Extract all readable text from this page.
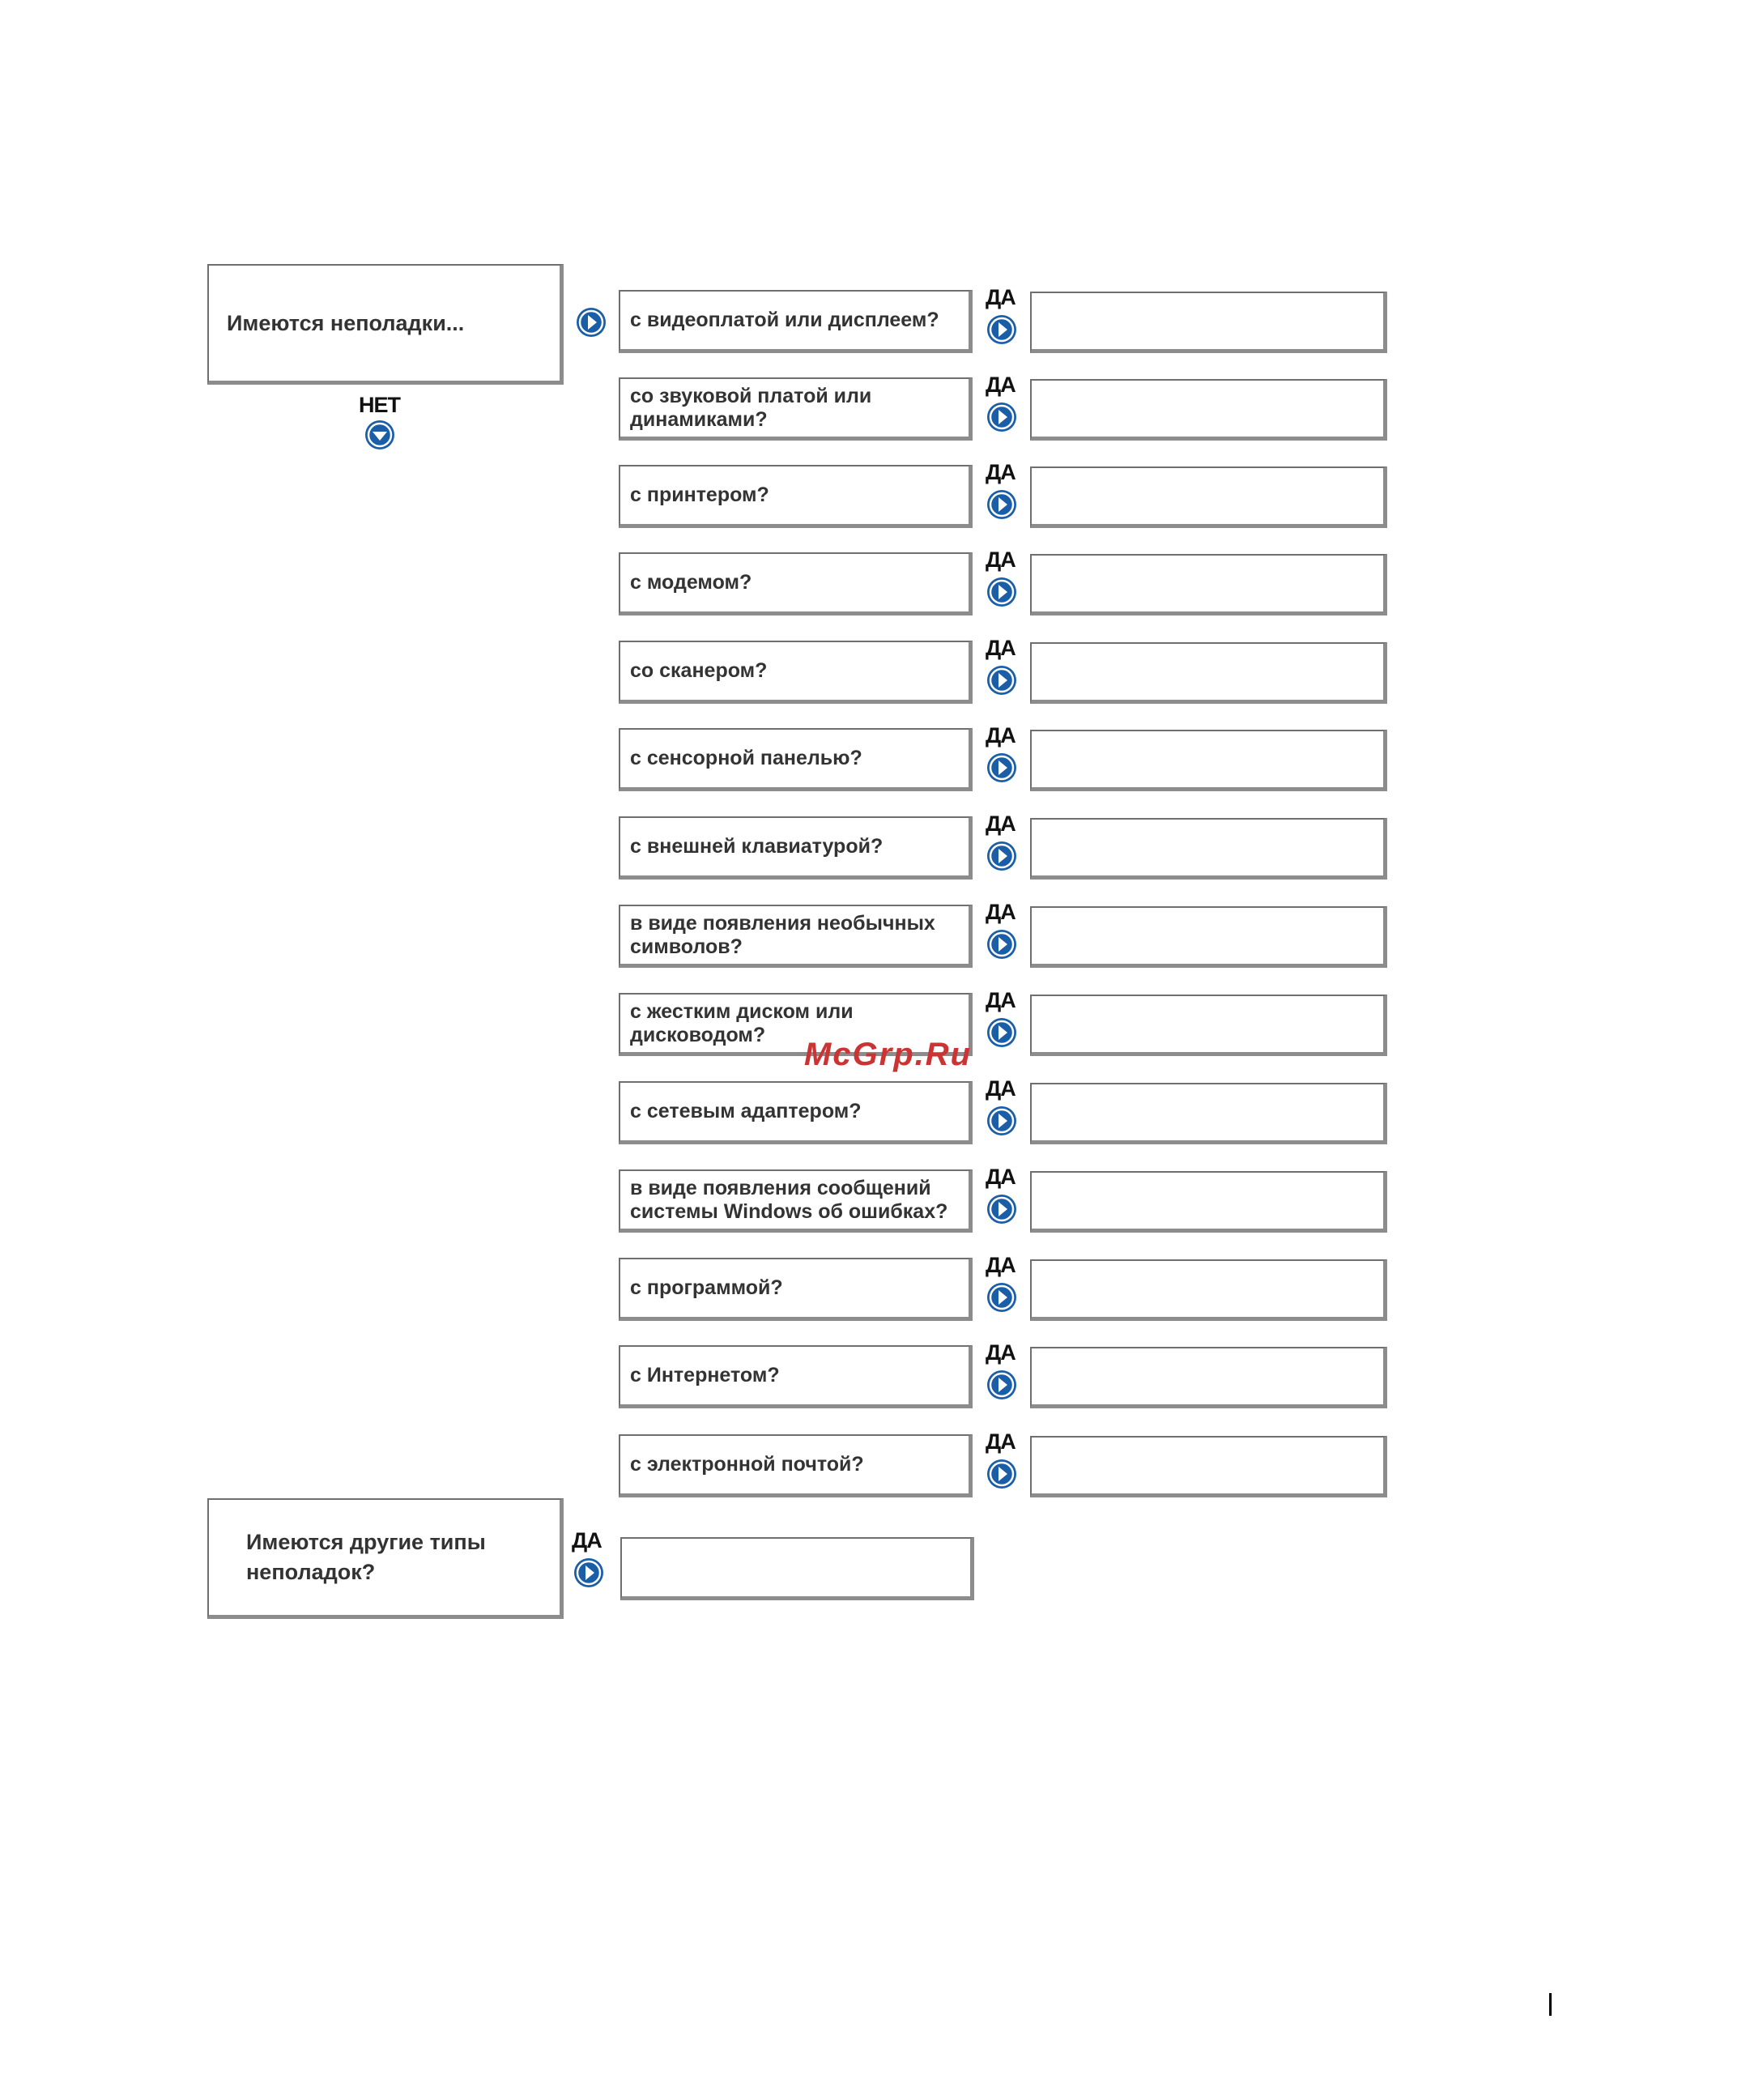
Имеются неполадки...
НЕТ
с видеоплатой или дисплеем?
ДА
со звуковой платой или динамиками?
ДА
с принтером?
ДА
с модемом?
ДА
со сканером?
ДА
с сенсорной панелью?
ДА
с внешней клавиатурой?
ДА
в виде появления необычных символов?
ДА
с жестким диском или дисководом?
ДА
с сетевым адаптером?
ДА
в виде появления сообщений системы Windows об ошибках?
ДА
с программой?
ДА
с Интернетом?
ДА
с электронной почтой?
ДА
Имеются другие типы неполадок?
ДА
McGrp.Ru
